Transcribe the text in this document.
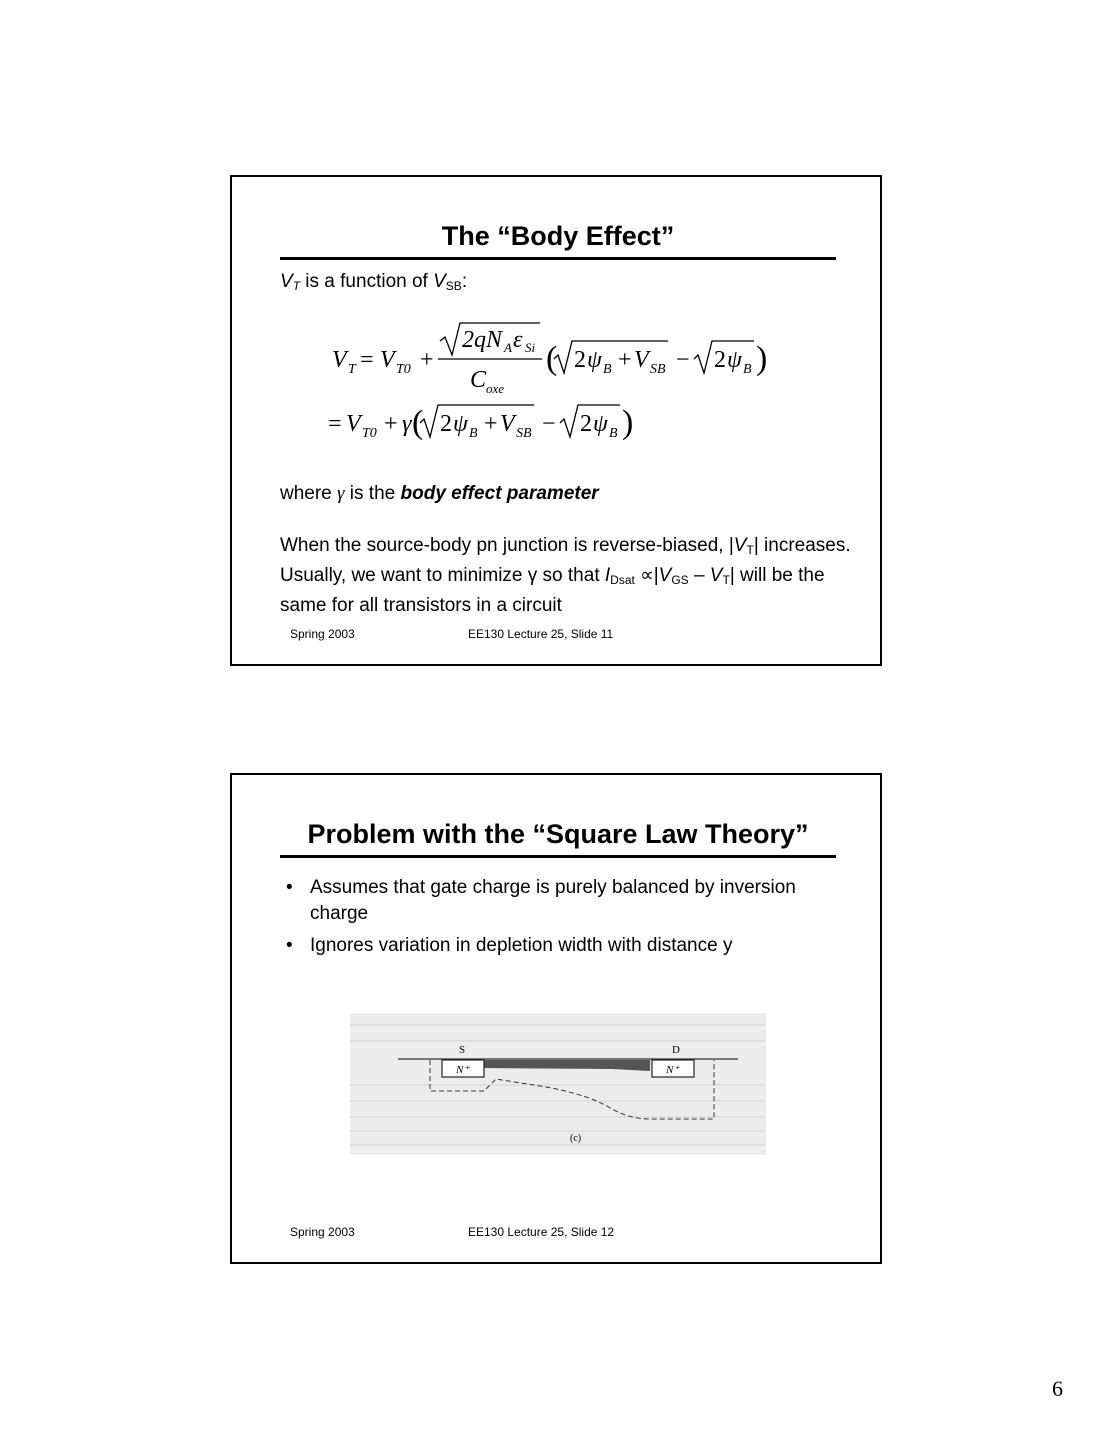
The “Body Effect”
$V_T$ is a function of $V_{SB}$:
V T = V T0 +
2qN A ε Si
C oxe
( 2 ψ B + V SB − 2 ψ B )
= V T0 + γ ( 2 ψ B + V SB − 2 ψ B )
where γ is the body effect parameter
When the source-body pn junction is reverse-biased, $|V_T|$ increases. Usually, we want to minimize γ so that $I_{Dsat} \propto|V_{GS} - V_T|$ will be the same for all transistors in a circuit
Spring 2003	EE130 Lecture 25, Slide 11
Problem with the “Square Law Theory”
• Assumes that gate charge is purely balanced by inversion charge
• Ignores variation in depletion width with distance y
N⁺	N⁺
S	D
(c)
Spring 2003	EE130 Lecture 25, Slide 12
6
